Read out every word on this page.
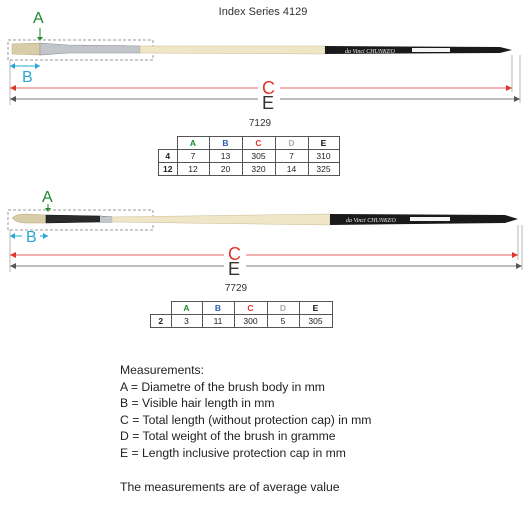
Index Series 4129
A
da Vinci CHUNKEO
B
C
E
7129
	A	B	C	D	E
4	7	13	305	7	310
12	12	20	320	14	325
A
da Vinci CHUNKEO
B
C
E
7729
	A	B	C	D	E
2	3	11	300	5	305
Measurements:
A = Diametre of the brush body in mm
B = Visible hair length in mm
C = Total length (without protection cap) in mm
D = Total weight of the brush in gramme
E = Length inclusive protection cap in mm
The measurements are of average value
